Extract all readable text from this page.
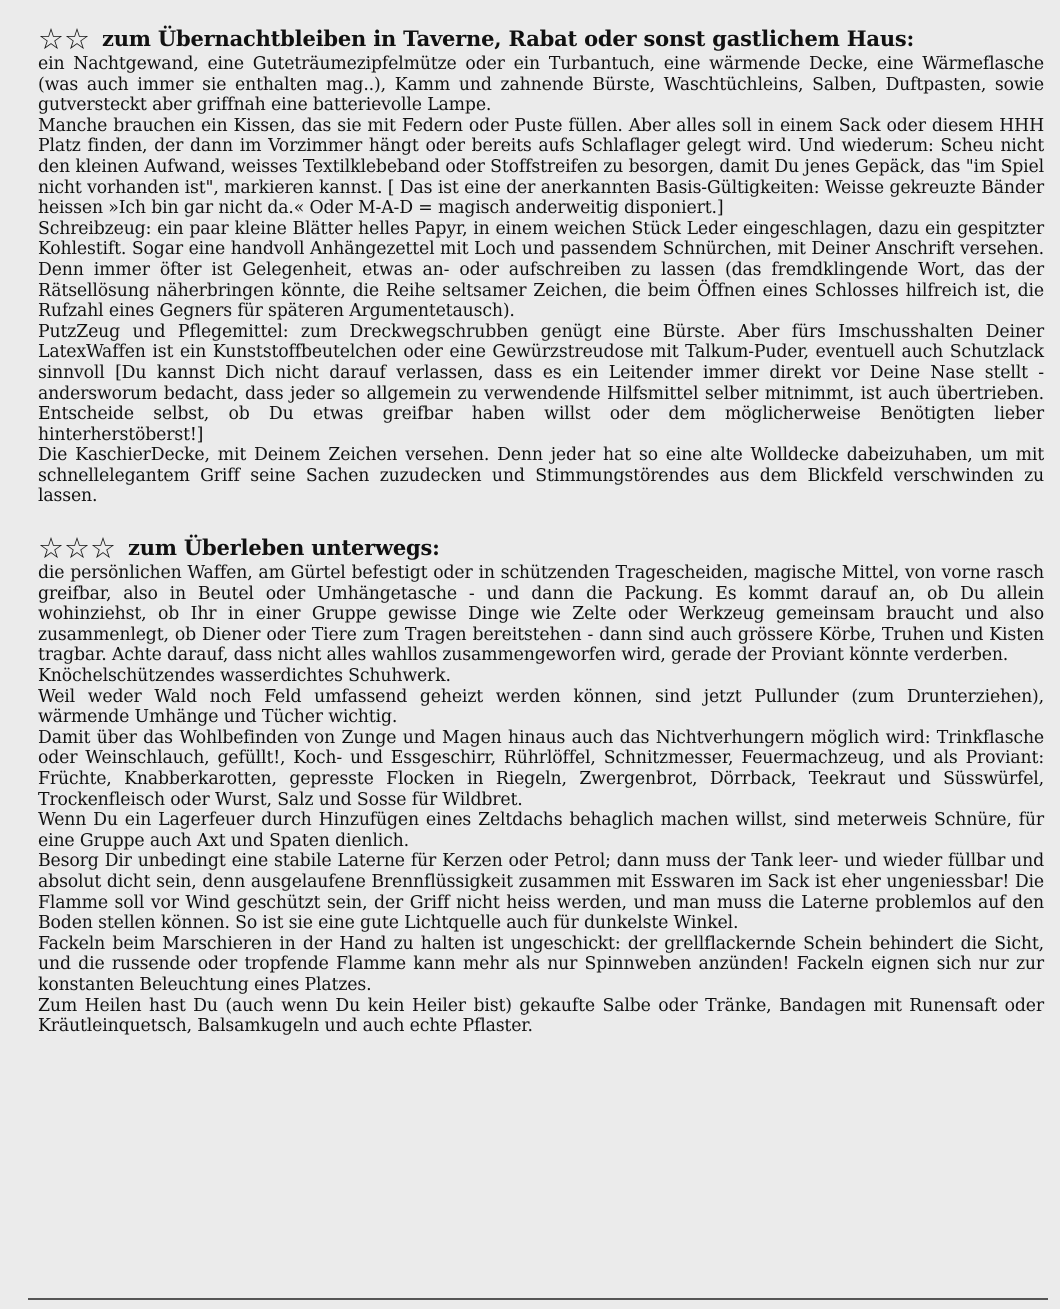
☆☆ zum Übernachtbleiben in Taverne, Rabat oder sonst gastlichem Haus:

ein Nachtgewand, eine Guteträumezipfelmütze oder ein Turbantuch, eine wärmende Decke, eine Wärmeflasche (was auch immer sie enthalten mag..), Kamm und zahnende Bürste, Waschtüchleins, Salben, Duftpasten, sowie gutversteckt aber griffnah eine batterievolle Lampe.

Manche brauchen ein Kissen, das sie mit Federn oder Puste füllen. Aber alles soll in einem Sack oder diesem HHH Platz finden, der dann im Vorzimmer hängt oder bereits aufs Schlaflager gelegt wird. Und wiederum: Scheu nicht den kleinen Aufwand, weisses Textilklebeband oder Stoffstreifen zu besorgen, damit Du jenes Gepäck, das "im Spiel nicht vorhanden ist", markieren kannst. [ Das ist eine der anerkannten Basis-Gültigkeiten: Weisse gekreuzte Bänder heissen »Ich bin gar nicht da.« Oder M-A-D = magisch anderweitig disponiert.]

Schreibzeug: ein paar kleine Blätter helles Papyr, in einem weichen Stück Leder eingeschlagen, dazu ein gespitzter Kohlestift. Sogar eine handvoll Anhängezettel mit Loch und passendem Schnürchen, mit Deiner Anschrift versehen. Denn immer öfter ist Gelegenheit, etwas an- oder aufschreiben zu lassen (das fremdklingende Wort, das der Rätsellösung näherbringen könnte, die Reihe seltsamer Zeichen, die beim Öffnen eines Schlosses hilfreich ist, die Rufzahl eines Gegners für späteren Argumentetausch).

PutzZeug und Pflegemittel: zum Dreckwegschrubben genügt eine Bürste. Aber fürs Imschusshalten Deiner LatexWaffen ist ein Kunststoffbeutelchen oder eine Gewürzstreudose mit Talkum-Puder, eventuell auch Schutzlack sinnvoll [Du kannst Dich nicht darauf verlassen, dass es ein Leitender immer direkt vor Deine Nase stellt - andersworum bedacht, dass jeder so allgemein zu verwendende Hilfsmittel selber mitnimmt, ist auch übertrieben. Entscheide selbst, ob Du etwas greifbar haben willst oder dem möglicherweise Benötigten lieber hinterherstöberst!]

Die KaschierDecke, mit Deinem Zeichen versehen. Denn jeder hat so eine alte Wolldecke dabeizuhaben, um mit schnellelegantem Griff seine Sachen zuzudecken und Stimmungstörendes aus dem Blickfeld verschwinden zu lassen.

☆☆☆ zum Überleben unterwegs:

die persönlichen Waffen, am Gürtel befestigt oder in schützenden Tragescheiden, magische Mittel, von vorne rasch greifbar, also in Beutel oder Umhängetasche - und dann die Packung. Es kommt darauf an, ob Du allein wohinziehst, ob Ihr in einer Gruppe gewisse Dinge wie Zelte oder Werkzeug gemeinsam braucht und also zusammenlegt, ob Diener oder Tiere zum Tragen bereitstehen - dann sind auch grössere Körbe, Truhen und Kisten tragbar. Achte darauf, dass nicht alles wahllos zusammengeworfen wird, gerade der Proviant könnte verderben.

Knöchelschützendes wasserdichtes Schuhwerk.

Weil weder Wald noch Feld umfassend geheizt werden können, sind jetzt Pullunder (zum Drunterziehen), wärmende Umhänge und Tücher wichtig.

Damit über das Wohlbefinden von Zunge und Magen hinaus auch das Nichtverhungern möglich wird: Trinkflasche oder Weinschlauch, gefüllt!, Koch- und Essgeschirr, Rührlöffel, Schnitzmesser, Feuermachzeug, und als Proviant: Früchte, Knabberkarotten, gepresste Flocken in Riegeln, Zwergenbrot, Dörrback, Teekraut und Süsswürfel, Trockenfleisch oder Wurst, Salz und Sosse für Wildbret.

Wenn Du ein Lagerfeuer durch Hinzufügen eines Zeltdachs behaglich machen willst, sind meterweis Schnüre, für eine Gruppe auch Axt und Spaten dienlich.

Besorg Dir unbedingt eine stabile Laterne für Kerzen oder Petrol; dann muss der Tank leer- und wieder füllbar und absolut dicht sein, denn ausgelaufene Brennflüssigkeit zusammen mit Esswaren im Sack ist eher ungeniessbar! Die Flamme soll vor Wind geschützt sein, der Griff nicht heiss werden, und man muss die Laterne problemlos auf den Boden stellen können. So ist sie eine gute Lichtquelle auch für dunkelste Winkel.

Fackeln beim Marschieren in der Hand zu halten ist ungeschickt: der grellflackernde Schein behindert die Sicht, und die russende oder tropfende Flamme kann mehr als nur Spinnweben anzünden! Fackeln eignen sich nur zur konstanten Beleuchtung eines Platzes.

Zum Heilen hast Du (auch wenn Du kein Heiler bist) gekaufte Salbe oder Tränke, Bandagen mit Runensaft oder Kräutleinquetsch, Balsamkugeln und auch echte Pflaster.
